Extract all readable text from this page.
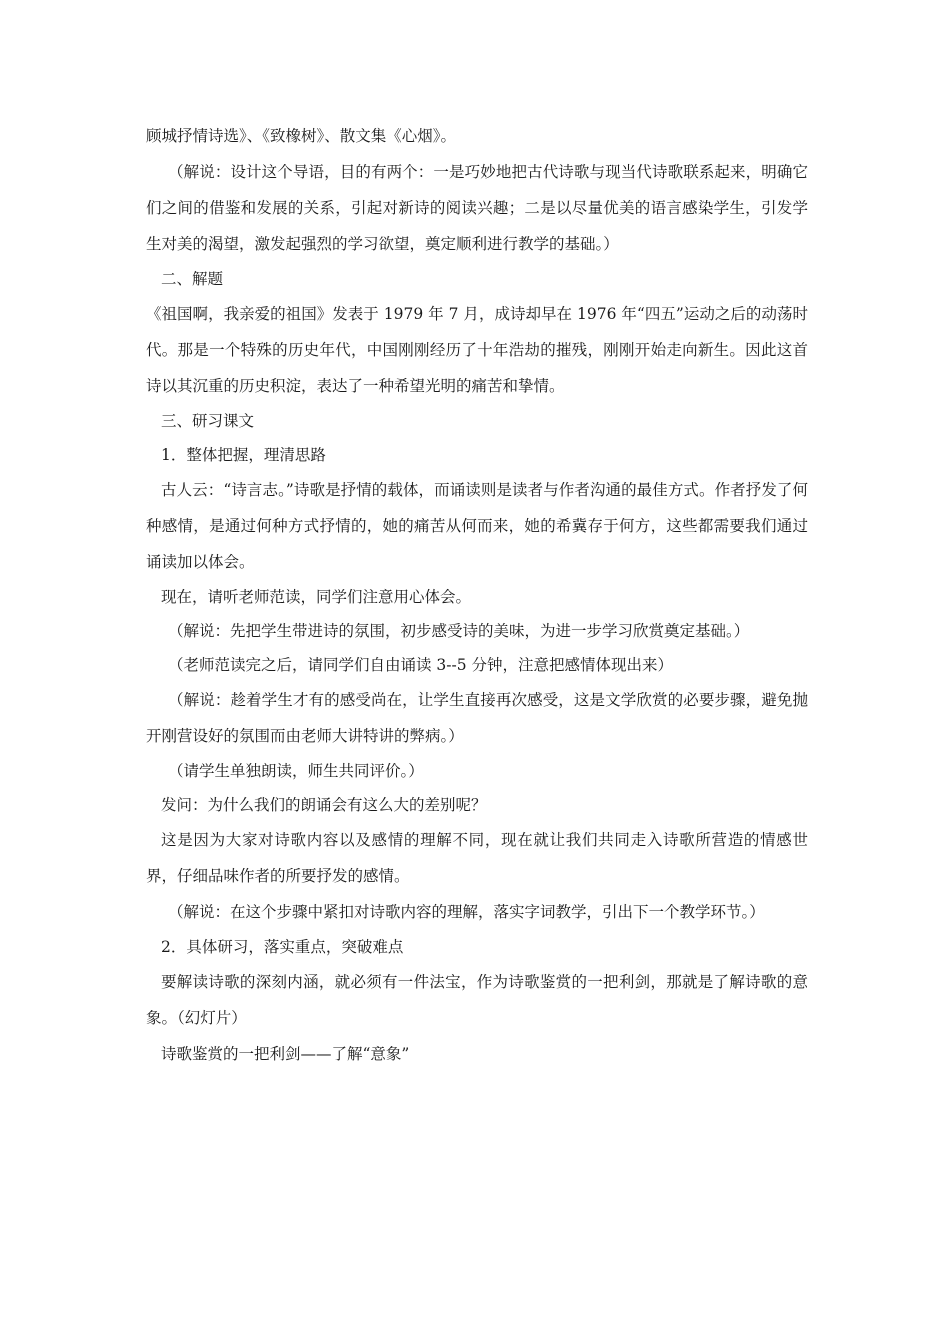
顾城抒情诗选》、《致橡树》、散文集《心烟》。

（解说：设计这个导语，目的有两个：一是巧妙地把古代诗歌与现当代诗歌联系起来，明确它们之间的借鉴和发展的关系，引起对新诗的阅读兴趣；二是以尽量优美的语言感染学生，引发学生对美的渴望，激发起强烈的学习欲望，奠定顺利进行教学的基础。）

二、解题

《祖国啊，我亲爱的祖国》发表于 1979 年 7 月，成诗却早在 1976 年“四五”运动之后的动荡时代。那是一个特殊的历史年代，中国刚刚经历了十年浩劫的摧残，刚刚开始走向新生。因此这首诗以其沉重的历史积淀，表达了一种希望光明的痛苦和挚情。

三、研习课文

1．整体把握，理清思路

古人云：“诗言志。”诗歌是抒情的载体，而诵读则是读者与作者沟通的最佳方式。作者抒发了何种感情，是通过何种方式抒情的，她的痛苦从何而来，她的希冀存于何方，这些都需要我们通过诵读加以体会。

现在，请听老师范读，同学们注意用心体会。

（解说：先把学生带进诗的氛围，初步感受诗的美味，为进一步学习欣赏奠定基础。）

（老师范读完之后，请同学们自由诵读 3--5 分钟，注意把感情体现出来）

（解说：趁着学生才有的感受尚在，让学生直接再次感受，这是文学欣赏的必要步骤，避免抛开刚营设好的氛围而由老师大讲特讲的弊病。）

（请学生单独朗读，师生共同评价。）

发问：为什么我们的朗诵会有这么大的差别呢？

这是因为大家对诗歌内容以及感情的理解不同，现在就让我们共同走入诗歌所营造的情感世界，仔细品味作者的所要抒发的感情。

（解说：在这个步骤中紧扣对诗歌内容的理解，落实字词教学，引出下一个教学环节。）

2．具体研习，落实重点，突破难点

要解读诗歌的深刻内涵，就必须有一件法宝，作为诗歌鉴赏的一把利剑，那就是了解诗歌的意象。（幻灯片）

诗歌鉴赏的一把利剑——了解“意象”
